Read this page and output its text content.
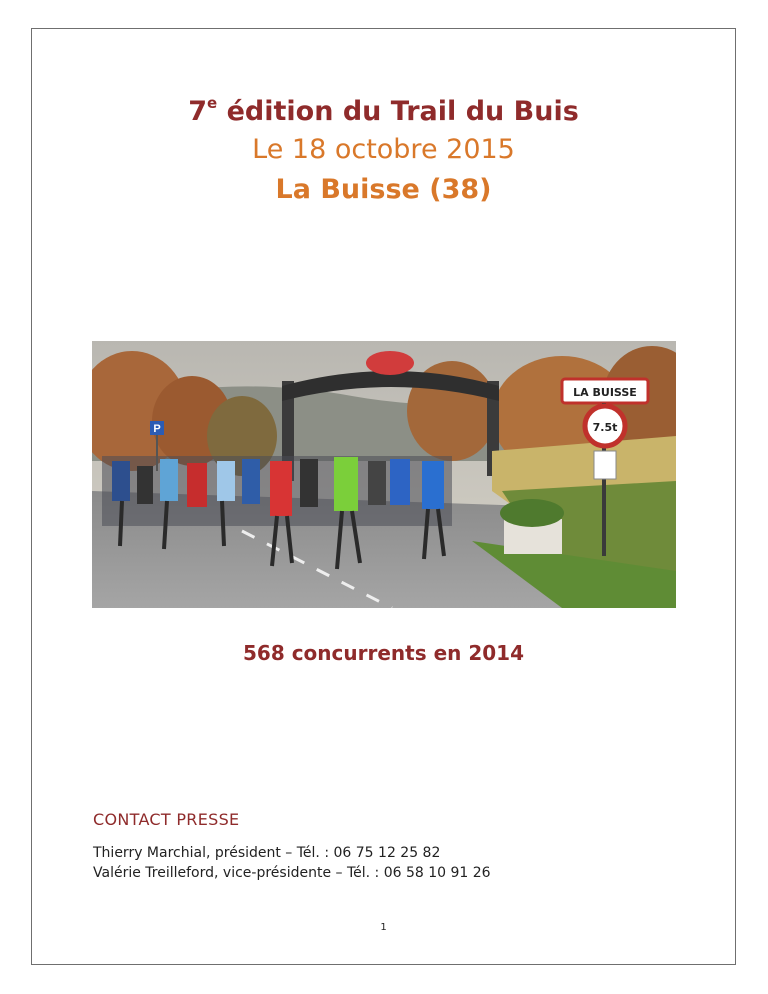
7e édition du Trail du Buis
Le 18 octobre 2015
La Buisse (38)
P
LA BUISSE
7.5t
568 concurrents en 2014
CONTACT PRESSE
Thierry Marchial, président – Tél. : 06 75 12 25 82
Valérie Treilleford, vice-présidente – Tél. : 06 58 10 91 26
1
